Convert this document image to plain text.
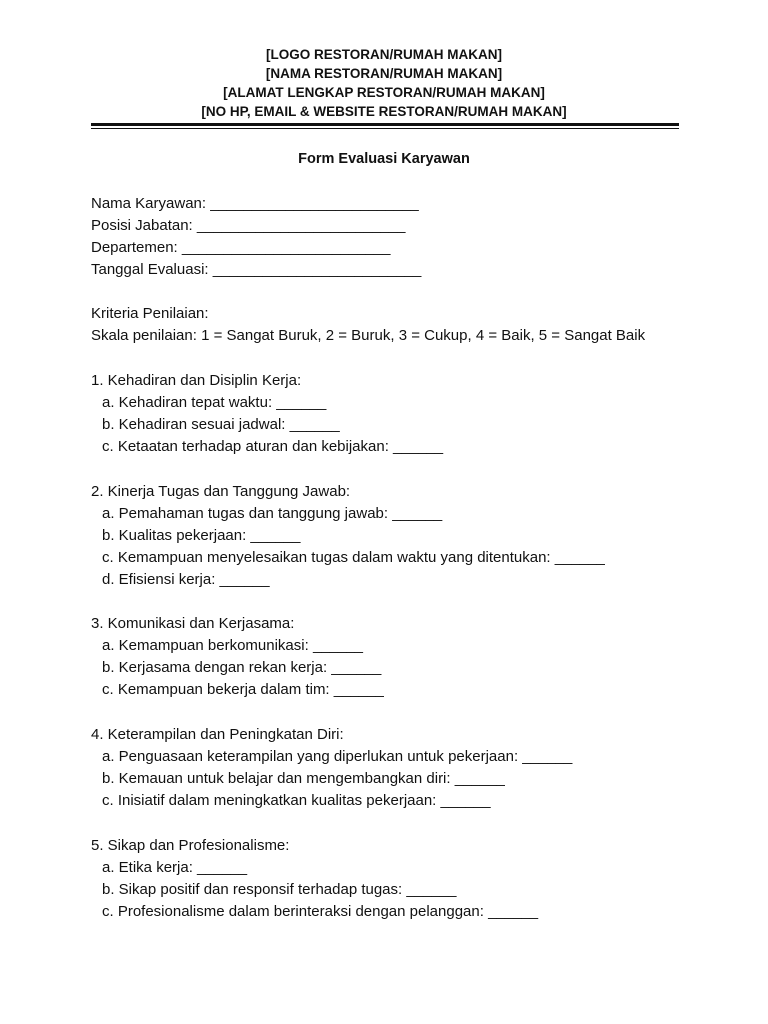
[LOGO RESTORAN/RUMAH MAKAN]
[NAMA RESTORAN/RUMAH MAKAN]
[ALAMAT LENGKAP RESTORAN/RUMAH MAKAN]
[NO HP, EMAIL & WEBSITE RESTORAN/RUMAH MAKAN]
Form Evaluasi Karyawan
Nama Karyawan: _________________________
Posisi Jabatan: _________________________
Departemen: _________________________
Tanggal Evaluasi: _________________________
Kriteria Penilaian:
Skala penilaian: 1 = Sangat Buruk, 2 = Buruk, 3 = Cukup, 4 = Baik, 5 = Sangat Baik
1. Kehadiran dan Disiplin Kerja:
a. Kehadiran tepat waktu: ______
b. Kehadiran sesuai jadwal: ______
c. Ketaatan terhadap aturan dan kebijakan: ______
2. Kinerja Tugas dan Tanggung Jawab:
a. Pemahaman tugas dan tanggung jawab: ______
b. Kualitas pekerjaan: ______
c. Kemampuan menyelesaikan tugas dalam waktu yang ditentukan: ______
d. Efisiensi kerja: ______
3. Komunikasi dan Kerjasama:
a. Kemampuan berkomunikasi: ______
b. Kerjasama dengan rekan kerja: ______
c. Kemampuan bekerja dalam tim: ______
4. Keterampilan dan Peningkatan Diri:
a. Penguasaan keterampilan yang diperlukan untuk pekerjaan: ______
b. Kemauan untuk belajar dan mengembangkan diri: ______
c. Inisiatif dalam meningkatkan kualitas pekerjaan: ______
5. Sikap dan Profesionalisme:
a. Etika kerja: ______
b. Sikap positif dan responsif terhadap tugas: ______
c. Profesionalisme dalam berinteraksi dengan pelanggan: ______
